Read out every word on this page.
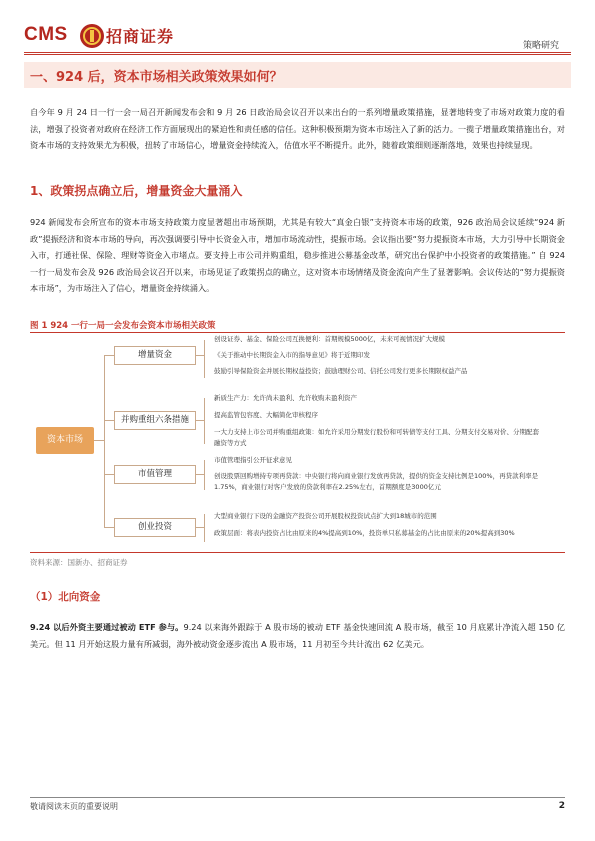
CMS 招商证券	策略研究
一、924 后，资本市场相关政策效果如何？
自今年 9 月 24 日一行一会一局召开新闻发布会和 9 月 26 日政治局会议召开以来出台的一系列增量政策措施，显著地转变了市场对政策力度的看法，增强了投资者对政府在经济工作方面展现出的紧迫性和责任感的信任。这种积极预期为资本市场注入了新的活力。一揽子增量政策措施出台，对资本市场的支持效果尤为积极，扭转了市场信心，增量资金持续流入，估值水平不断提升。此外，随着政策细则逐渐落地，效果也持续显现。
1、政策拐点确立后，增量资金大量涌入
924 新闻发布会所宣布的资本市场支持政策力度显著超出市场预期，尤其是有较大“真金白银”支持资本市场的政策，926 政治局会议延续“924 新政”提振经济和资本市场的导向，再次强调要引导中长资金入市，增加市场流动性，提振市场。会议指出要“努力提振资本市场，大力引导中长期资金入市，打通社保、保险、理财等资金入市堵点。要支持上市公司并购重组，稳步推进公募基金改革，研究出台保护中小投资者的政策措施。” 自 924 一行一局发布会及 926 政治局会议召开以来，市场见证了政策拐点的确立，这对资本市场情绪及资金流向产生了显著影响。会议传达的“努力提振资本市场”，为市场注入了信心，增量资金持续涌入。
图 1 924 一行一局一会发布会资本市场相关政策
资本市场
增量资金
并购重组六条措施
市值管理
创业投资
创设证券、基金、保险公司互换便利：首期规模5000亿，未来可视情况扩大规模
《关于推动中长期资金入市的指导意见》将于近期印发
鼓励引导保险资金并展长期权益投资；鼓励理财公司、信托公司发行更多长期限权益产品
新质生产力：允许尚未盈利、允许收购未盈利资产
提高监管包容度、大幅简化审核程序
一大力支持上市公司并购重组政策：如允许采用分期发行股份和可转债等支付工具、分期支付交易对价、分期配套融资等方式
市值管理指引公开征求意见
创设股票回购增持专项再贷款：中央银行将向商业银行发放再贷款，提供的资金支持比例是100%，再贷款利率是1.75%，商业银行对客户发放的贷款利率在2.25%左右，首期额度是3000亿元
大型商业银行下设的金融资产投资公司开展股权投资试点扩大到18城市的范围
政策层面：将表内投资占比由原来的4%提高到10%，投资单只私募基金的占比由原来的20%提高到30%
资料来源：国新办、招商证券
（1）北向资金
9.24 以后外资主要通过被动 ETF 参与。9.24 以来海外跟踪于 A 股市场的被动 ETF 基金快速回流 A 股市场，截至 10 月底累计净流入超 150 亿美元。但 11 月开始这股力量有所减弱，海外被动资金逐步流出 A 股市场，11 月初至今共计流出 62 亿美元。
敬请阅读末页的重要说明	2
